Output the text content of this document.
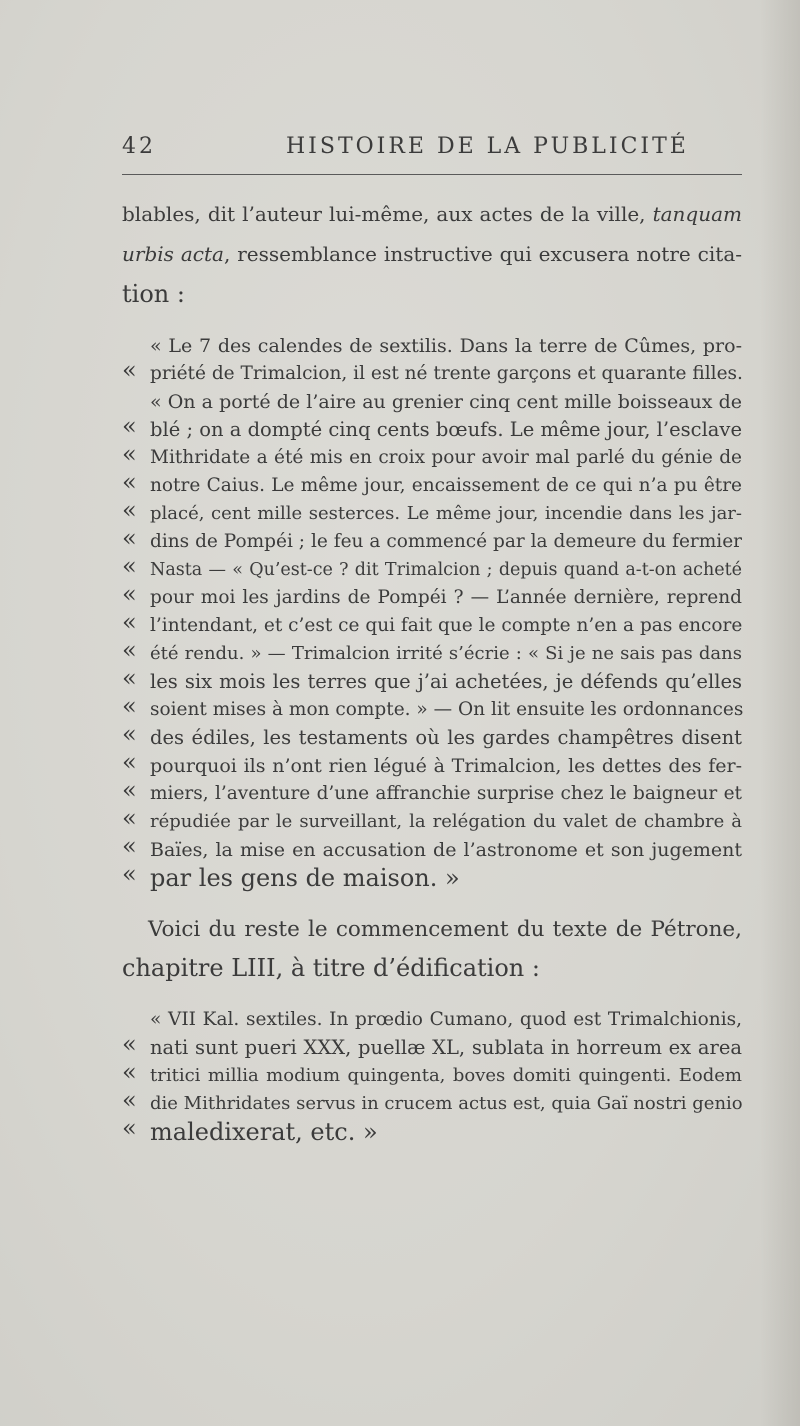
42	HISTOIRE DE LA PUBLICITÉ
blables, dit l’auteur lui-même, aux actes de la ville, tanquam
urbis acta, ressemblance instructive qui excusera notre cita-
tion :
« Le 7 des calendes de sextilis. Dans la terre de Cûmes, pro-
« priété de Trimalcion, il est né trente garçons et quarante filles.
« On a porté de l’aire au grenier cinq cent mille boisseaux de
« blé ; on a dompté cinq cents bœufs. Le même jour, l’esclave
« Mithridate a été mis en croix pour avoir mal parlé du génie de
« notre Caius. Le même jour, encaissement de ce qui n’a pu être
« placé, cent mille sesterces. Le même jour, incendie dans les jar-
« dins de Pompéi ; le feu a commencé par la demeure du fermier
« Nasta — « Qu’est-ce ? dit Trimalcion ; depuis quand a-t-on acheté
« pour moi les jardins de Pompéi ? — L’année dernière, reprend
« l’intendant, et c’est ce qui fait que le compte n’en a pas encore
« été rendu. » — Trimalcion irrité s’écrie : « Si je ne sais pas dans
« les six mois les terres que j’ai achetées, je défends qu’elles
« soient mises à mon compte. » — On lit ensuite les ordonnances
« des édiles, les testaments où les gardes champêtres disent
« pourquoi ils n’ont rien légué à Trimalcion, les dettes des fer-
« miers, l’aventure d’une affranchie surprise chez le baigneur et
« répudiée par le surveillant, la relégation du valet de chambre à
« Baïes, la mise en accusation de l’astronome et son jugement
« par les gens de maison. »
Voici du reste le commencement du texte de Pétrone,
chapitre LIII, à titre d’édification :
« VII Kal. sextiles. In prœdio Cumano, quod est Trimalchionis,
« nati sunt pueri XXX, puellæ XL, sublata in horreum ex area
« tritici millia modium quingenta, boves domiti quingenti. Eodem
« die Mithridates servus in crucem actus est, quia Gaï nostri genio
« maledixerat, etc. »
